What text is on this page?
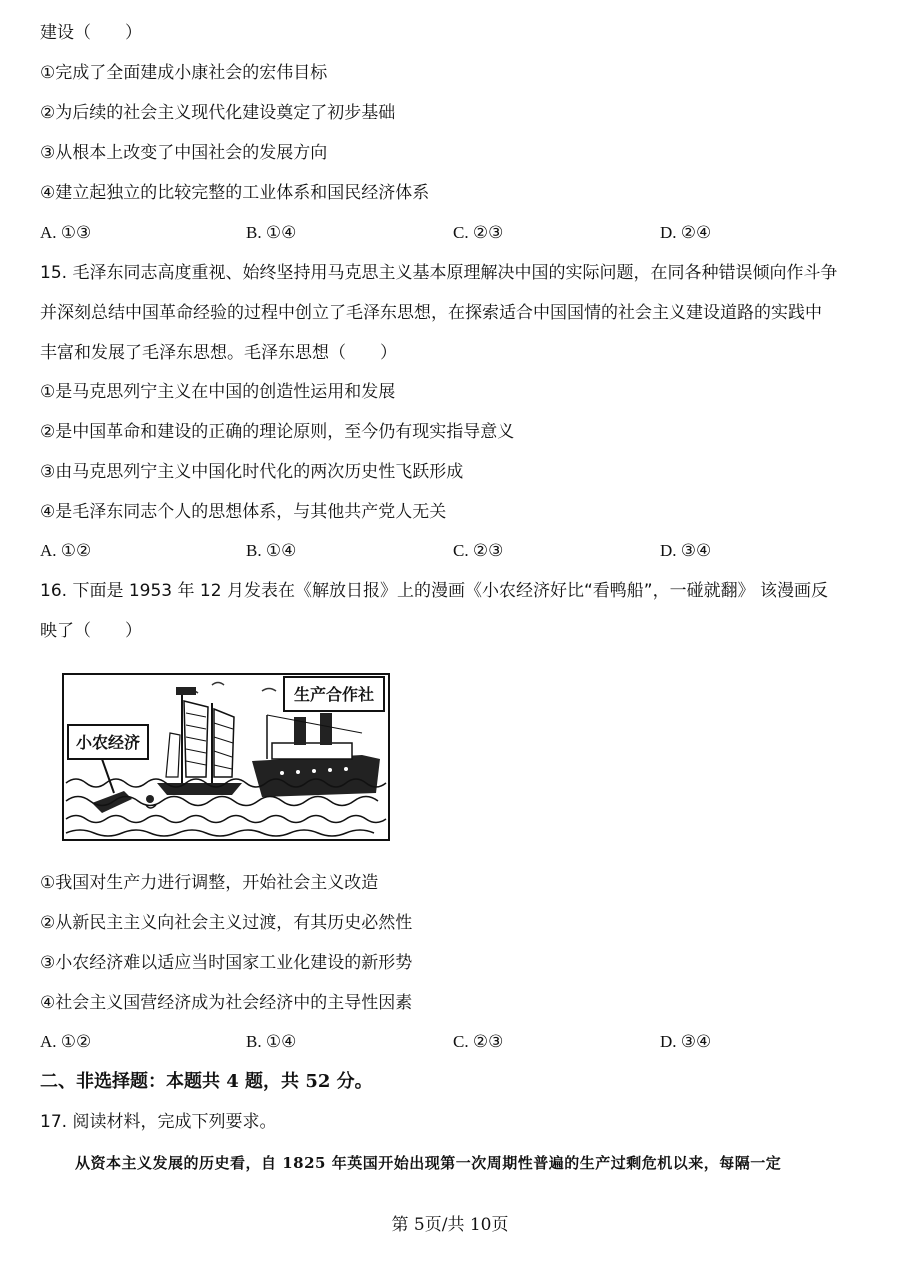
建设（　　）
①完成了全面建成小康社会的宏伟目标
②为后续的社会主义现代化建设奠定了初步基础
③从根本上改变了中国社会的发展方向
④建立起独立的比较完整的工业体系和国民经济体系
A. ①③	B. ①④	C. ②③	D. ②④
15. 毛泽东同志高度重视、始终坚持用马克思主义基本原理解决中国的实际问题，在同各种错误倾向作斗争
并深刻总结中国革命经验的过程中创立了毛泽东思想，在探索适合中国国情的社会主义建设道路的实践中
丰富和发展了毛泽东思想。毛泽东思想（　　）
①是马克思列宁主义在中国的创造性运用和发展
②是中国革命和建设的正确的理论原则，至今仍有现实指导意义
③由马克思列宁主义中国化时代化的两次历史性飞跃形成
④是毛泽东同志个人的思想体系，与其他共产党人无关
A. ①②	B. ①④	C. ②③	D. ③④
16. 下面是 1953 年 12 月发表在《解放日报》上的漫画《小农经济好比“看鸭船”，一碰就翻》 该漫画反
映了（　　）
生产合作社
小农经济
①我国对生产力进行调整，开始社会主义改造
②从新民主主义向社会主义过渡，有其历史必然性
③小农经济难以适应当时国家工业化建设的新形势
④社会主义国营经济成为社会经济中的主导性因素
A. ①②	B. ①④	C. ②③	D. ③④
二、非选择题：本题共 4 题，共 52 分。
17. 阅读材料，完成下列要求。
从资本主义发展的历史看，自 1825 年英国开始出现第一次周期性普遍的生产过剩危机以来，每隔一定
第 5页/共 10页
